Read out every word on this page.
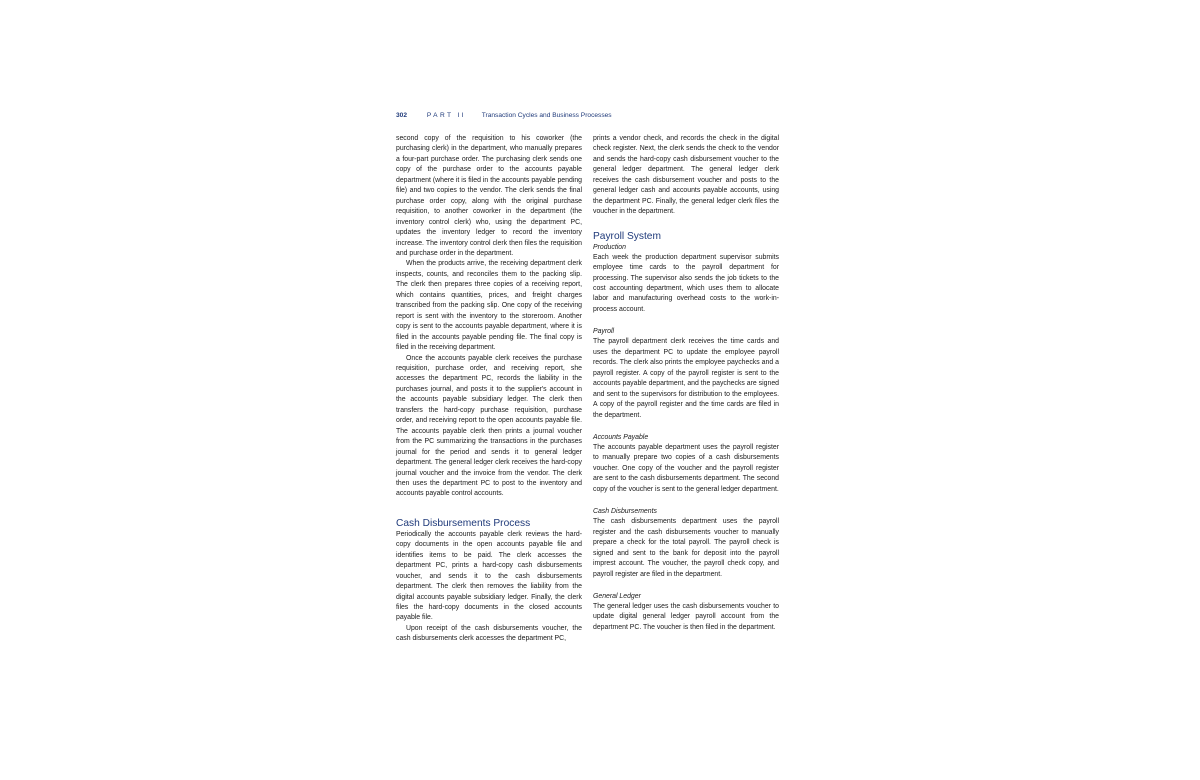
302	PART II Transaction Cycles and Business Processes

second copy of the requisition to his coworker (the purchasing clerk) in the department, who manually prepares a four-part purchase order. The purchasing clerk sends one copy of the purchase order to the accounts payable department (where it is filed in the accounts payable pending file) and two copies to the vendor. The clerk sends the final purchase order copy, along with the original purchase requisition, to another coworker in the department (the inventory control clerk) who, using the department PC, updates the inventory ledger to record the inventory increase. The inventory control clerk then files the requisition and purchase order in the department.

When the products arrive, the receiving department clerk inspects, counts, and reconciles them to the packing slip. The clerk then prepares three copies of a receiving report, which contains quantities, prices, and freight charges transcribed from the packing slip. One copy of the receiving report is sent with the inventory to the storeroom. Another copy is sent to the accounts payable department, where it is filed in the accounts payable pending file. The final copy is filed in the receiving department.

Once the accounts payable clerk receives the purchase requisition, purchase order, and receiving report, she accesses the department PC, records the liability in the purchases journal, and posts it to the supplier's account in the accounts payable subsidiary ledger. The clerk then transfers the hard-copy purchase requisition, purchase order, and receiving report to the open accounts payable file. The accounts payable clerk then prints a journal voucher from the PC summarizing the transactions in the purchases journal for the period and sends it to general ledger department. The general ledger clerk receives the hard-copy journal voucher and the invoice from the vendor. The clerk then uses the department PC to post to the inventory and accounts payable control accounts.

Cash Disbursements Process

Periodically the accounts payable clerk reviews the hard-copy documents in the open accounts payable file and identifies items to be paid. The clerk accesses the department PC, prints a hard-copy cash disbursements voucher, and sends it to the cash disbursements department. The clerk then removes the liability from the digital accounts payable subsidiary ledger. Finally, the clerk files the hard-copy documents in the closed accounts payable file.

Upon receipt of the cash disbursements voucher, the cash disbursements clerk accesses the department PC,

prints a vendor check, and records the check in the digital check register. Next, the clerk sends the check to the vendor and sends the hard-copy cash disbursement voucher to the general ledger department. The general ledger clerk receives the cash disbursement voucher and posts to the general ledger cash and accounts payable accounts, using the department PC. Finally, the general ledger clerk files the voucher in the department.

Payroll System
Production

Each week the production department supervisor submits employee time cards to the payroll department for processing. The supervisor also sends the job tickets to the cost accounting department, which uses them to allocate labor and manufacturing overhead costs to the work-in-process account.

Payroll

The payroll department clerk receives the time cards and uses the department PC to update the employee payroll records. The clerk also prints the employee paychecks and a payroll register. A copy of the payroll register is sent to the accounts payable department, and the paychecks are signed and sent to the supervisors for distribution to the employees. A copy of the payroll register and the time cards are filed in the department.

Accounts Payable

The accounts payable department uses the payroll register to manually prepare two copies of a cash disbursements voucher. One copy of the voucher and the payroll register are sent to the cash disbursements department. The second copy of the voucher is sent to the general ledger department.

Cash Disbursements

The cash disbursements department uses the payroll register and the cash disbursements voucher to manually prepare a check for the total payroll. The payroll check is signed and sent to the bank for deposit into the payroll imprest account. The voucher, the payroll check copy, and payroll register are filed in the department.

General Ledger

The general ledger uses the cash disbursements voucher to update digital general ledger payroll account from the department PC. The voucher is then filed in the department.
